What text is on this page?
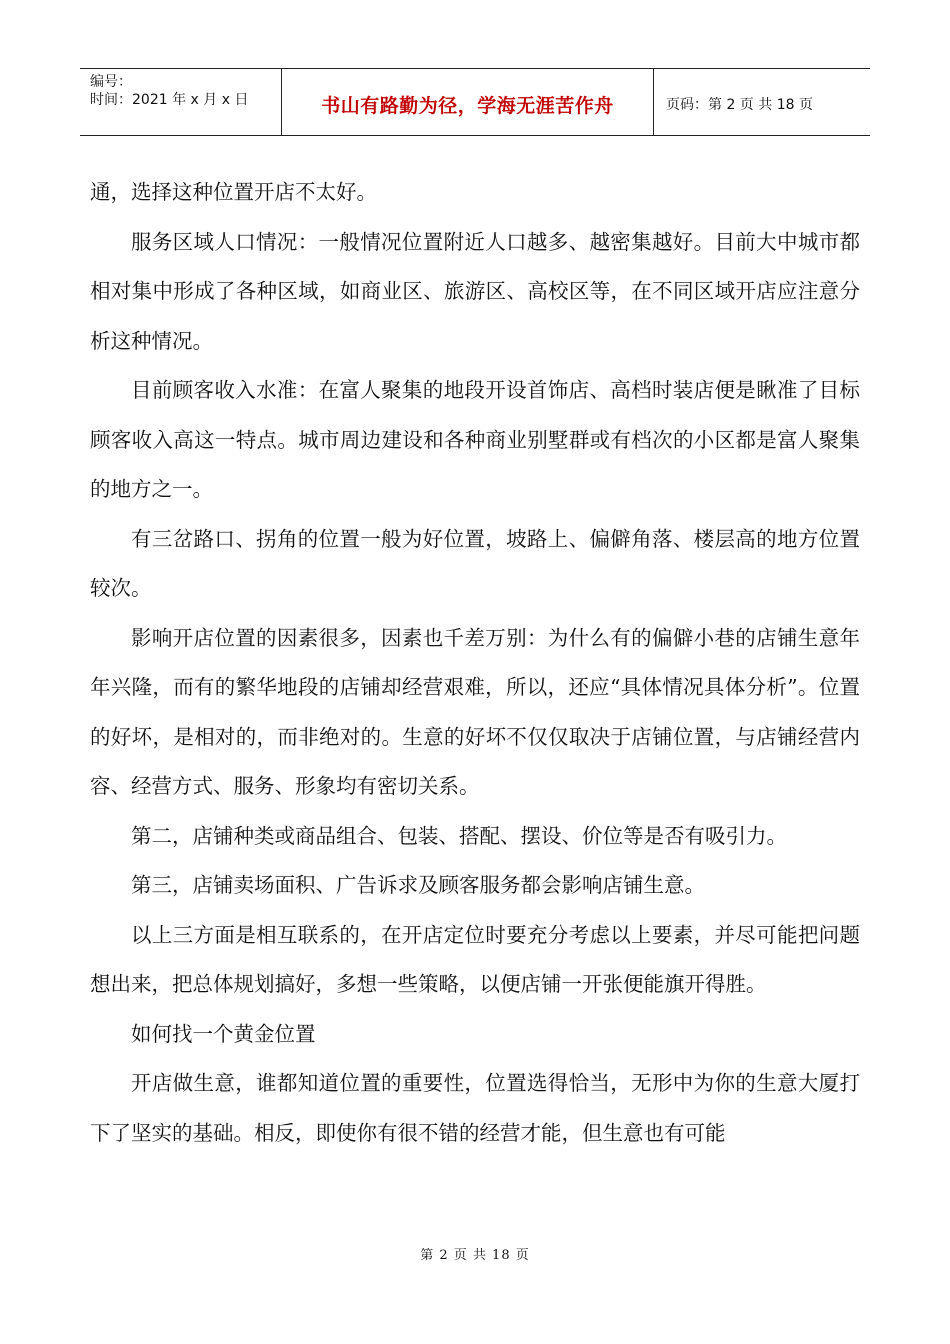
编号：
时间：2021 年 x 月 x 日	书山有路勤为径，学海无涯苦作舟	页码：第 2 页 共 18 页

通，选择这种位置开店不太好。

服务区域人口情况：一般情况位置附近人口越多、越密集越好。目前大中城市都相对集中形成了各种区域，如商业区、旅游区、高校区等，在不同区域开店应注意分析这种情况。

目前顾客收入水准：在富人聚集的地段开设首饰店、高档时装店便是瞅准了目标顾客收入高这一特点。城市周边建设和各种商业别墅群或有档次的小区都是富人聚集的地方之一。

有三岔路口、拐角的位置一般为好位置，坡路上、偏僻角落、楼层高的地方位置较次。

影响开店位置的因素很多，因素也千差万别：为什么有的偏僻小巷的店铺生意年年兴隆，而有的繁华地段的店铺却经营艰难，所以，还应“具体情况具体分析”。位置的好坏，是相对的，而非绝对的。生意的好坏不仅仅取决于店铺位置，与店铺经营内容、经营方式、服务、形象均有密切关系。

第二，店铺种类或商品组合、包装、搭配、摆设、价位等是否有吸引力。

第三，店铺卖场面积、广告诉求及顾客服务都会影响店铺生意。

以上三方面是相互联系的，在开店定位时要充分考虑以上要素，并尽可能把问题想出来，把总体规划搞好，多想一些策略，以便店铺一开张便能旗开得胜。

如何找一个黄金位置

开店做生意，谁都知道位置的重要性，位置选得恰当，无形中为你的生意大厦打下了坚实的基础。相反，即使你有很不错的经营才能，但生意也有可能

第 2 页 共 18 页
